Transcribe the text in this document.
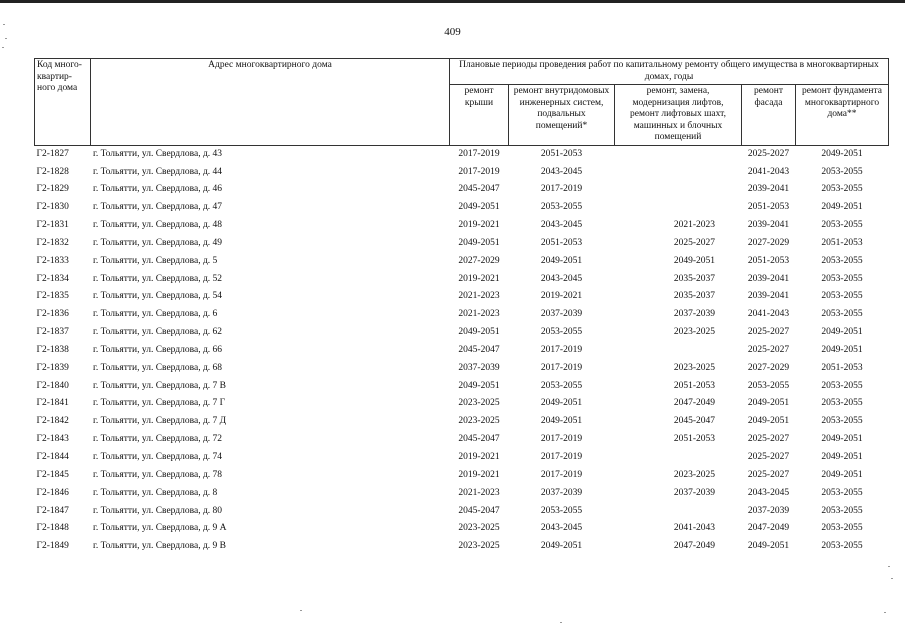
409
Код много-квартир-ного дома	Адрес многоквартирного дома	Плановые периоды проведения работ по капитальному ремонту общего имущества в многоквартирных домах, годы				
		ремонт крыши	ремонт внутридомовых инженерных систем, подвальных помещений*	ремонт, замена, модернизация лифтов, ремонт лифтовых шахт, машинных и блочных помещений	ремонт фасада	ремонт фундамента многоквартирного дома**
Г2-1827	г. Тольятти, ул. Свердлова, д. 43	2017-2019	2051-2053		2025-2027	2049-2051
Г2-1828	г. Тольятти, ул. Свердлова, д. 44	2017-2019	2043-2045		2041-2043	2053-2055
Г2-1829	г. Тольятти, ул. Свердлова, д. 46	2045-2047	2017-2019		2039-2041	2053-2055
Г2-1830	г. Тольятти, ул. Свердлова, д. 47	2049-2051	2053-2055		2051-2053	2049-2051
Г2-1831	г. Тольятти, ул. Свердлова, д. 48	2019-2021	2043-2045	2021-2023	2039-2041	2053-2055
Г2-1832	г. Тольятти, ул. Свердлова, д. 49	2049-2051	2051-2053	2025-2027	2027-2029	2051-2053
Г2-1833	г. Тольятти, ул. Свердлова, д. 5	2027-2029	2049-2051	2049-2051	2051-2053	2053-2055
Г2-1834	г. Тольятти, ул. Свердлова, д. 52	2019-2021	2043-2045	2035-2037	2039-2041	2053-2055
Г2-1835	г. Тольятти, ул. Свердлова, д. 54	2021-2023	2019-2021	2035-2037	2039-2041	2053-2055
Г2-1836	г. Тольятти, ул. Свердлова, д. 6	2021-2023	2037-2039	2037-2039	2041-2043	2053-2055
Г2-1837	г. Тольятти, ул. Свердлова, д. 62	2049-2051	2053-2055	2023-2025	2025-2027	2049-2051
Г2-1838	г. Тольятти, ул. Свердлова, д. 66	2045-2047	2017-2019		2025-2027	2049-2051
Г2-1839	г. Тольятти, ул. Свердлова, д. 68	2037-2039	2017-2019	2023-2025	2027-2029	2051-2053
Г2-1840	г. Тольятти, ул. Свердлова, д. 7 В	2049-2051	2053-2055	2051-2053	2053-2055	2053-2055
Г2-1841	г. Тольятти, ул. Свердлова, д. 7 Г	2023-2025	2049-2051	2047-2049	2049-2051	2053-2055
Г2-1842	г. Тольятти, ул. Свердлова, д. 7 Д	2023-2025	2049-2051	2045-2047	2049-2051	2053-2055
Г2-1843	г. Тольятти, ул. Свердлова, д. 72	2045-2047	2017-2019	2051-2053	2025-2027	2049-2051
Г2-1844	г. Тольятти, ул. Свердлова, д. 74	2019-2021	2017-2019		2025-2027	2049-2051
Г2-1845	г. Тольятти, ул. Свердлова, д. 78	2019-2021	2017-2019	2023-2025	2025-2027	2049-2051
Г2-1846	г. Тольятти, ул. Свердлова, д. 8	2021-2023	2037-2039	2037-2039	2043-2045	2053-2055
Г2-1847	г. Тольятти, ул. Свердлова, д. 80	2045-2047	2053-2055		2037-2039	2053-2055
Г2-1848	г. Тольятти, ул. Свердлова, д. 9 А	2023-2025	2043-2045	2041-2043	2047-2049	2053-2055
Г2-1849	г. Тольятти, ул. Свердлова, д. 9 В	2023-2025	2049-2051	2047-2049	2049-2051	2053-2055
